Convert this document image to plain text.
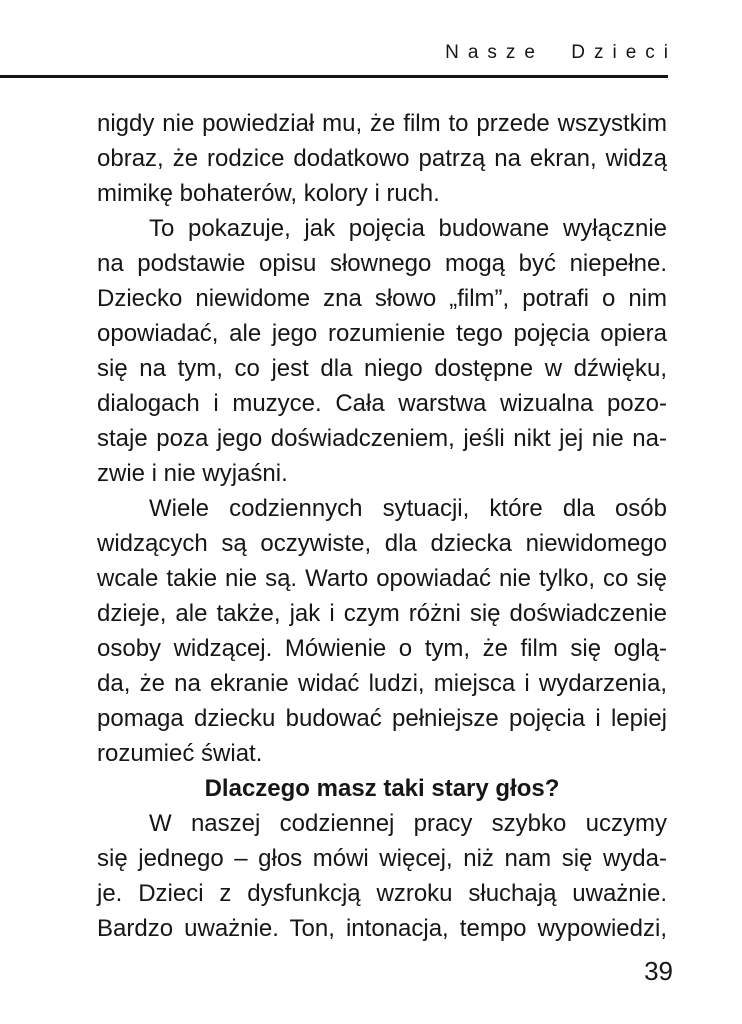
Nasze Dzieci

nigdy nie powiedział mu, że film to przede wszystkim
obraz, że rodzice dodatkowo patrzą na ekran, widzą
mimikę bohaterów, kolory i ruch.

To pokazuje, jak pojęcia budowane wyłącznie
na podstawie opisu słownego mogą być niepełne.
Dziecko niewidome zna słowo „film”, potrafi o nim
opowiadać, ale jego rozumienie tego pojęcia opiera
się na tym, co jest dla niego dostępne w dźwięku,
dialogach i muzyce. Cała warstwa wizualna pozo-
staje poza jego doświadczeniem, jeśli nikt jej nie na-
zwie i nie wyjaśni.

Wiele codziennych sytuacji, które dla osób
widzących są oczywiste, dla dziecka niewidomego
wcale takie nie są. Warto opowiadać nie tylko, co się
dzieje, ale także, jak i czym różni się doświadczenie
osoby widzącej. Mówienie o tym, że film się oglą-
da, że na ekranie widać ludzi, miejsca i wydarzenia,
pomaga dziecku budować pełniejsze pojęcia i lepiej
rozumieć świat.

Dlaczego masz taki stary głos?

W naszej codziennej pracy szybko uczymy
się jednego – głos mówi więcej, niż nam się wyda-
je. Dzieci z dysfunkcją wzroku słuchają uważnie.
Bardzo uważnie. Ton, intonacja, tempo wypowiedzi,

39
